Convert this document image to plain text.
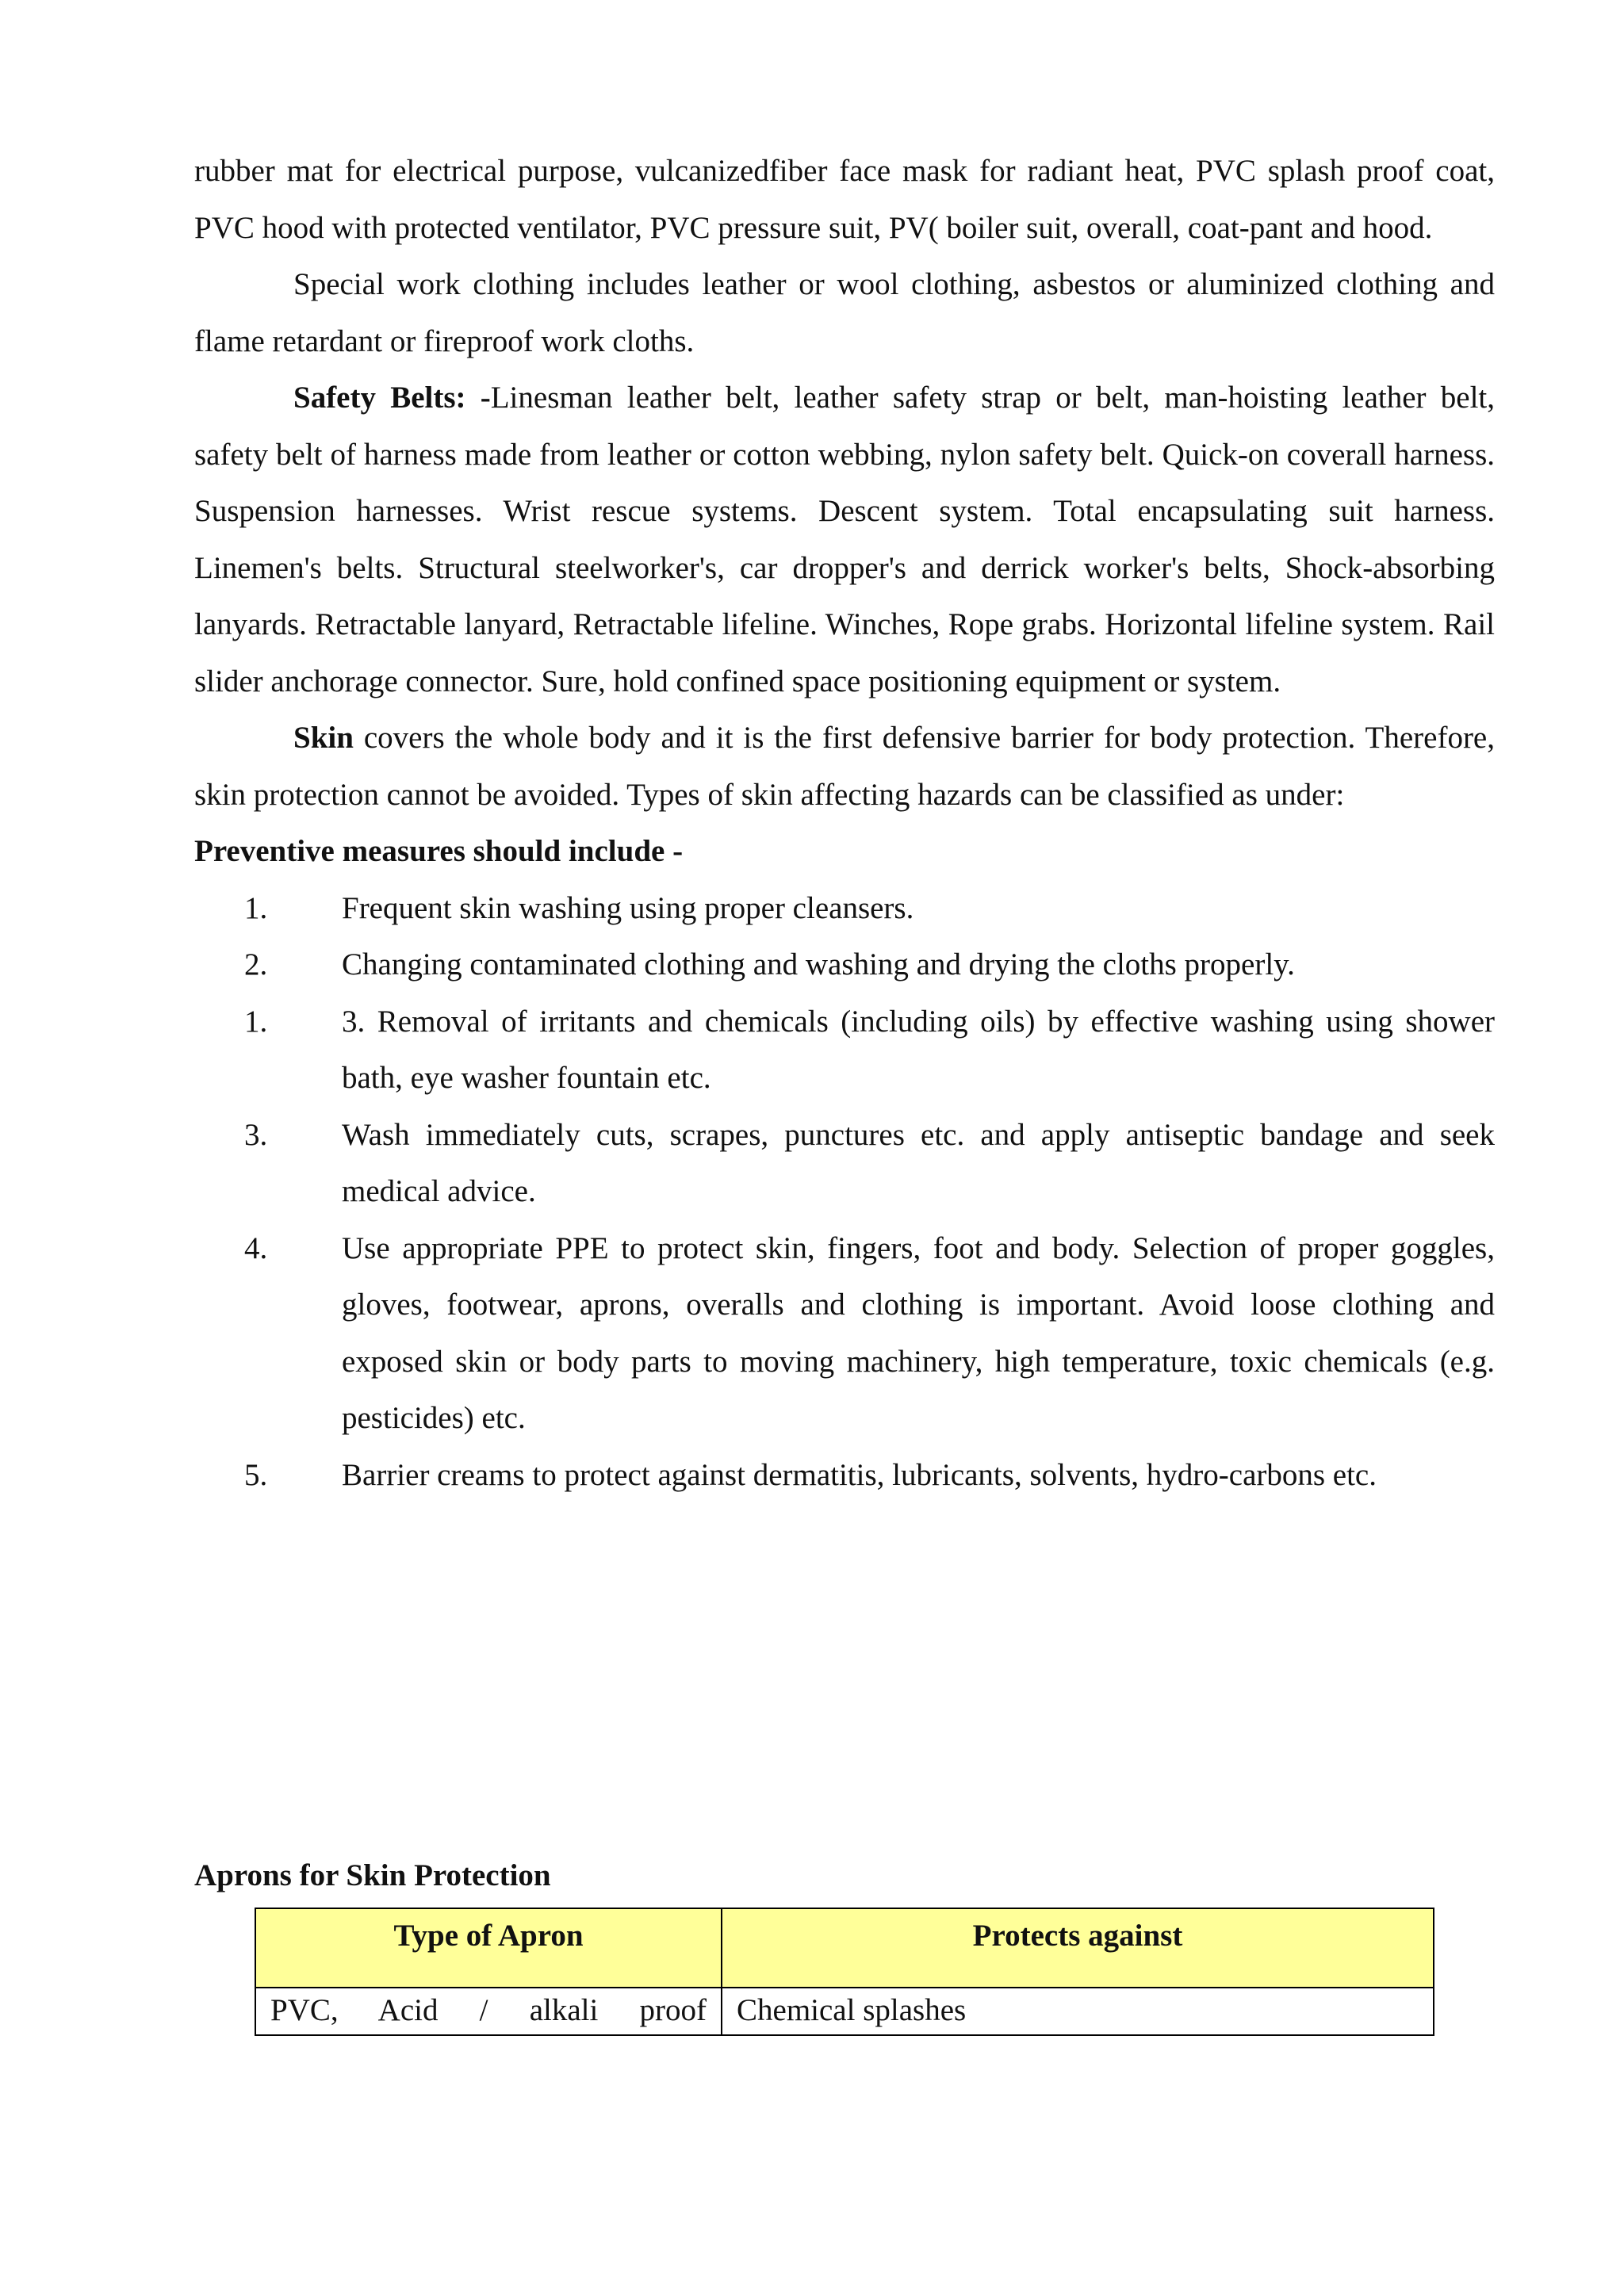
rubber mat for electrical purpose, vulcanizedfiber face mask for radiant heat, PVC splash proof coat, PVC hood with protected ventilator, PVC pressure suit, PV( boiler suit, overall, coat-pant and hood.

Special work clothing includes leather or wool clothing, asbestos or aluminized clothing and flame retardant or fireproof work cloths.

Safety Belts: -Linesman leather belt, leather safety strap or belt, man-hoisting leather belt, safety belt of harness made from leather or cotton webbing, nylon safety belt. Quick-on coverall harness. Suspension harnesses. Wrist rescue systems. Descent system. Total encapsulating suit harness. Linemen's belts. Structural steelworker's, car dropper's and derrick worker's belts, Shock-absorbing lanyards. Retractable lanyard, Retractable lifeline. Winches, Rope grabs. Horizontal lifeline system. Rail slider anchorage connector. Sure, hold confined space positioning equipment or system.

Skin covers the whole body and it is the first defensive barrier for body protection. Therefore, skin protection cannot be avoided. Types of skin affecting hazards can be classified as under:

Preventive measures should include -

1.	Frequent skin washing using proper cleansers.
2.	Changing contaminated clothing and washing and drying the cloths properly.
1.	3. Removal of irritants and chemicals (including oils) by effective washing using shower bath, eye washer fountain etc.
3.	Wash immediately cuts, scrapes, punctures etc. and apply antiseptic bandage and seek medical advice.
4.	Use appropriate PPE to protect skin, fingers, foot and body. Selection of proper goggles, gloves, footwear, aprons, overalls and clothing is important. Avoid loose clothing and exposed skin or body parts to moving machinery, high temperature, toxic chemicals (e.g. pesticides) etc.
5.	Barrier creams to protect against dermatitis, lubricants, solvents, hydro-carbons etc.

Aprons for Skin Protection

Type of Apron	Protects against
PVC, Acid / alkali proof	Chemical splashes
